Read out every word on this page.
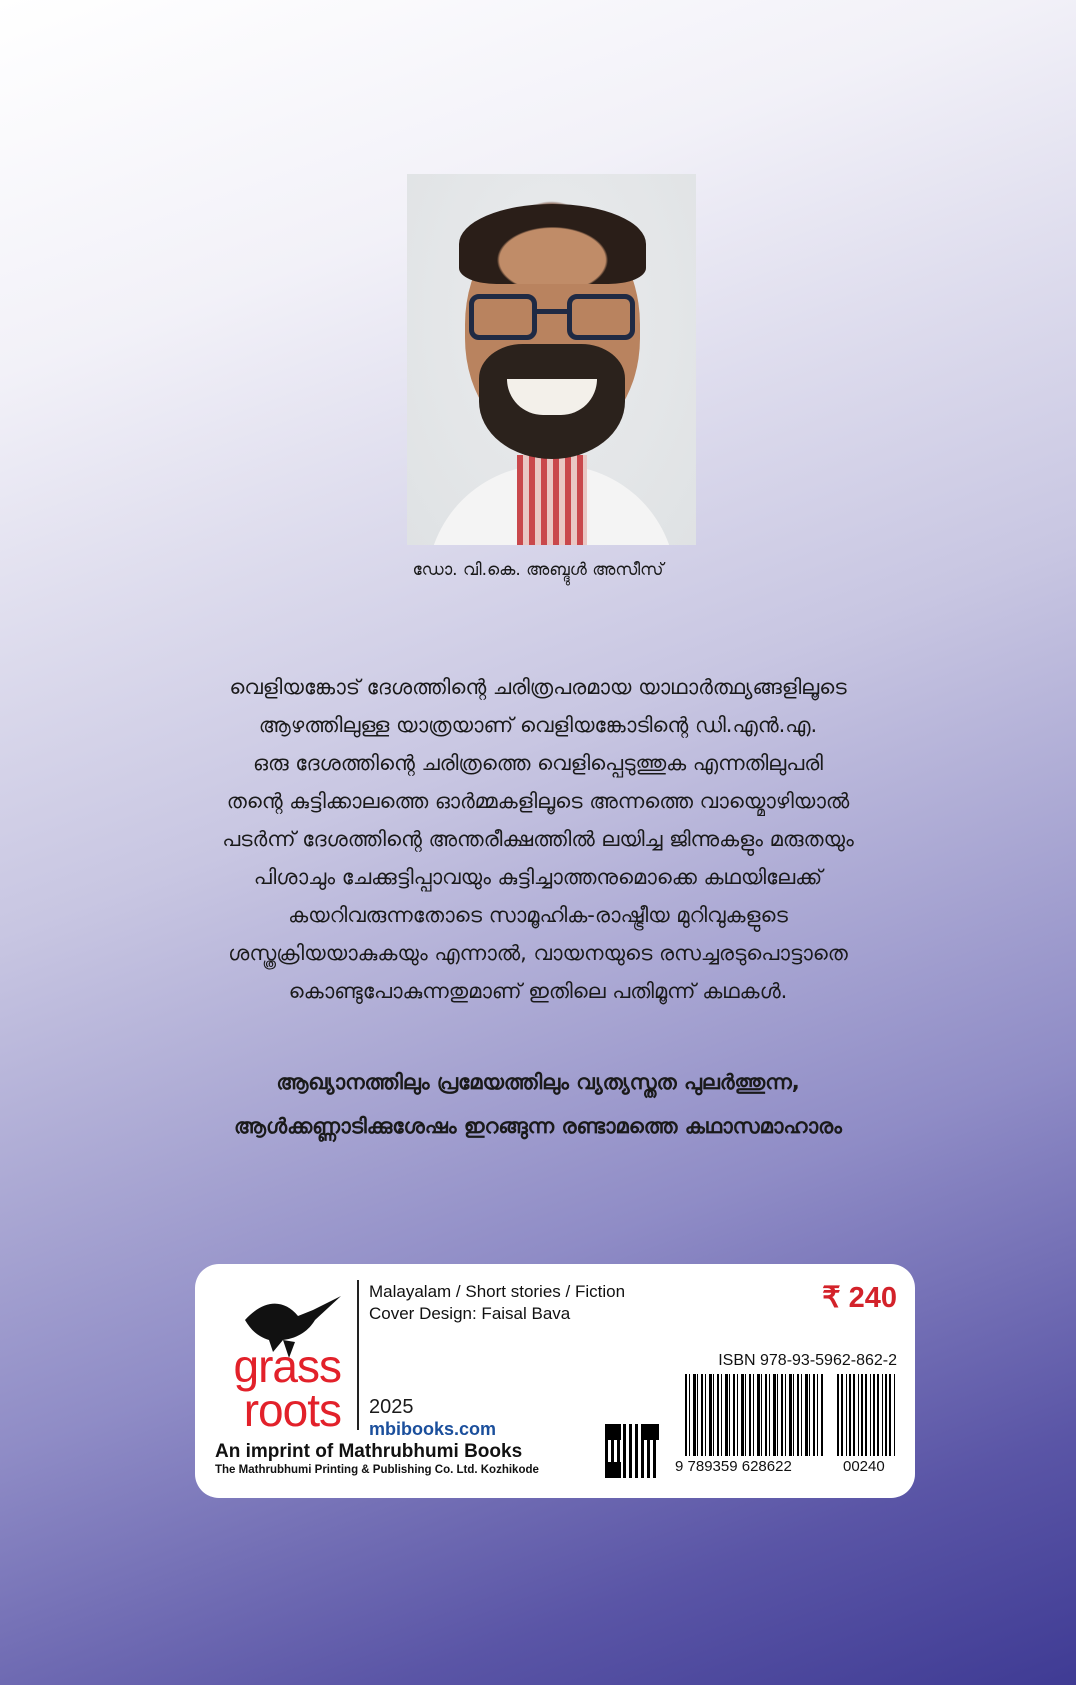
ഡോ. വി.കെ. അബ്ദുൾ അസീസ്
വെളിയങ്കോട് ദേശത്തിന്റെ ചരിത്രപരമായ യാഥാർത്ഥ്യങ്ങളിലൂടെ
ആഴത്തിലുള്ള യാത്രയാണ് വെളിയങ്കോടിന്റെ ഡി.എൻ.എ.
ഒരു ദേശത്തിന്റെ ചരിത്രത്തെ വെളിപ്പെടുത്തുക എന്നതിലുപരി
തന്റെ കുട്ടിക്കാലത്തെ ഓർമ്മകളിലൂടെ അന്നത്തെ വായ്മൊഴിയാൽ
പടർന്ന് ദേശത്തിന്റെ അന്തരീക്ഷത്തിൽ ലയിച്ച ജിന്നുകളും മരുതയും
പിശാചും ചേക്കുട്ടിപ്പാവയും കുട്ടിച്ചാത്തനുമൊക്കെ കഥയിലേക്ക്
കയറിവരുന്നതോടെ സാമൂഹിക-രാഷ്ട്രീയ മുറിവുകളുടെ
ശസ്ത്രക്രിയയാകുകയും എന്നാൽ, വായനയുടെ രസച്ചരടുപൊട്ടാതെ
കൊണ്ടുപോകുന്നതുമാണ് ഇതിലെ പതിമൂന്ന് കഥകൾ.
ആഖ്യാനത്തിലും പ്രമേയത്തിലും വ്യത്യസ്തത പുലർത്തുന്ന,
ആൾക്കണ്ണാടിക്കുശേഷം ഇറങ്ങുന്ന രണ്ടാമത്തെ കഥാസമാഹാരം
grass
roots
An imprint of Mathrubhumi Books
The Mathrubhumi Printing & Publishing Co. Ltd. Kozhikode
Malayalam / Short stories / Fiction
Cover Design: Faisal Bava	₹ 240
2025
mbibooks.com
ISBN 978-93-5962-862-2
9 789359 628622	00240
